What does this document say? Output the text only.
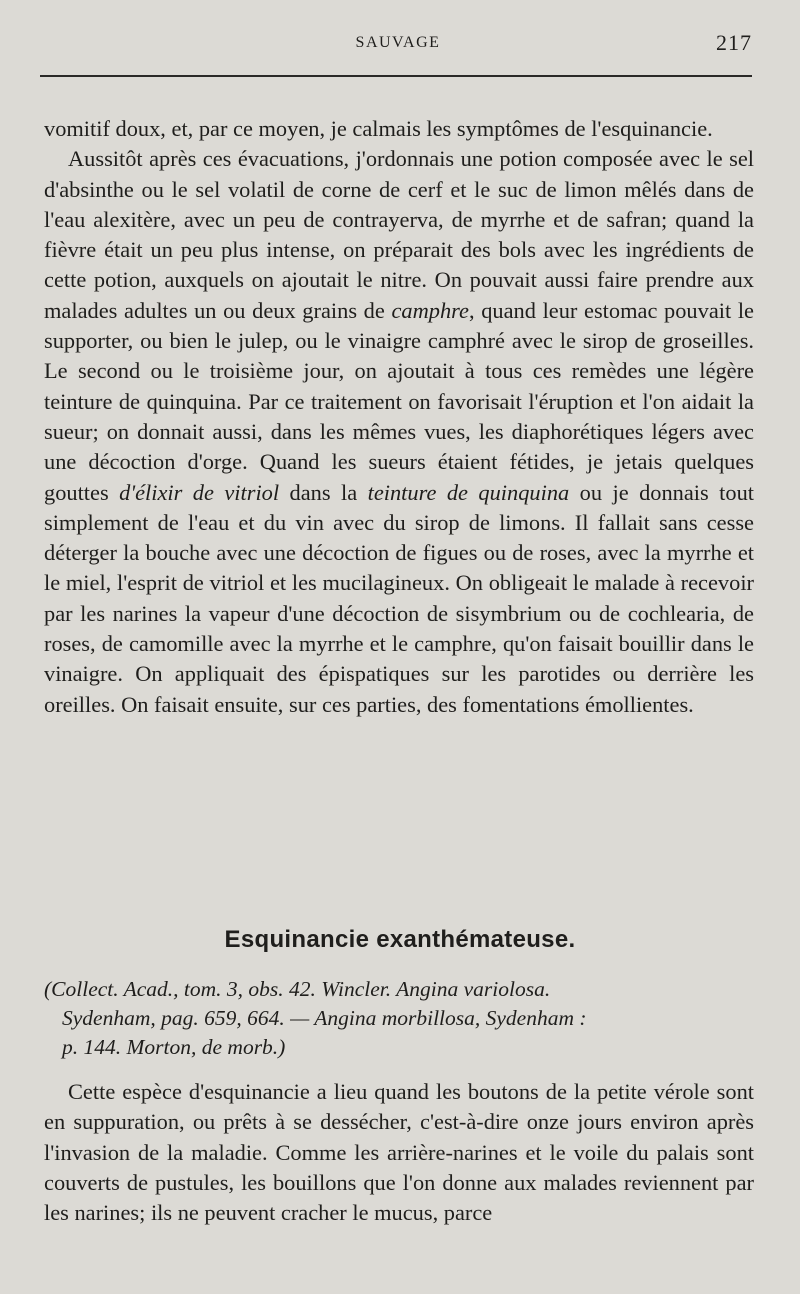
SAUVAGE	217

vomitif doux, et, par ce moyen, je calmais les symptômes de l'esquinancie.

Aussitôt après ces évacuations, j'ordonnais une potion composée avec le sel d'absinthe ou le sel volatil de corne de cerf et le suc de limon mêlés dans de l'eau alexitère, avec un peu de contrayerva, de myrrhe et de safran; quand la fièvre était un peu plus intense, on préparait des bols avec les ingrédients de cette potion, auxquels on ajoutait le nitre. On pouvait aussi faire prendre aux malades adultes un ou deux grains de camphre, quand leur estomac pouvait le supporter, ou bien le julep, ou le vinaigre camphré avec le sirop de groseilles. Le second ou le troisième jour, on ajoutait à tous ces remèdes une légère teinture de quinquina. Par ce traitement on favorisait l'éruption et l'on aidait la sueur; on donnait aussi, dans les mêmes vues, les diaphorétiques légers avec une décoction d'orge. Quand les sueurs étaient fétides, je jetais quelques gouttes d'élixir de vitriol dans la teinture de quinquina ou je donnais tout simplement de l'eau et du vin avec du sirop de limons. Il fallait sans cesse déterger la bouche avec une décoction de figues ou de roses, avec la myrrhe et le miel, l'esprit de vitriol et les mucilagineux. On obligeait le malade à recevoir par les narines la vapeur d'une décoction de sisymbrium ou de cochlearia, de roses, de camomille avec la myrrhe et le camphre, qu'on faisait bouillir dans le vinaigre. On appliquait des épispatiques sur les parotides ou derrière les oreilles. On faisait ensuite, sur ces parties, des fomentations émollientes.

Esquinancie exanthémateuse.
(Collect. Acad., tom. 3, obs. 42. Wincler. Angina variolosa.
Sydenham, pag. 659, 664. — Angina morbillosa, Sydenham :
p. 144. Morton, de morb.)

Cette espèce d'esquinancie a lieu quand les boutons de la petite vérole sont en suppuration, ou prêts à se dessécher, c'est-à-dire onze jours environ après l'invasion de la maladie. Comme les arrière-narines et le voile du palais sont couverts de pustules, les bouillons que l'on donne aux malades reviennent par les narines; ils ne peuvent cracher le mucus, parce
